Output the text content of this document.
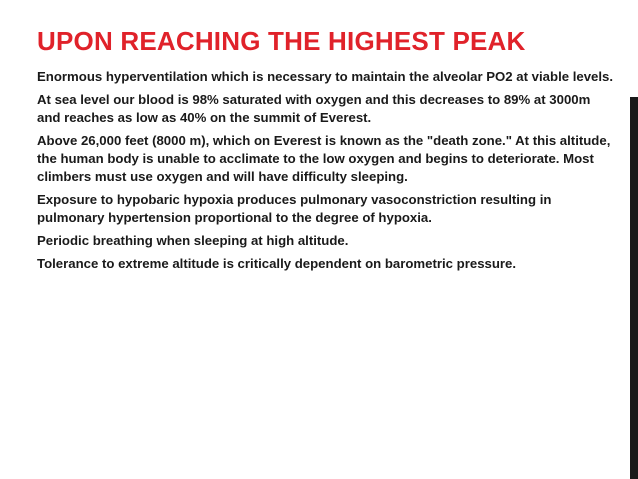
UPON REACHING THE HIGHEST PEAK
Enormous hyperventilation which is necessary to maintain the alveolar PO2 at viable levels.
At sea level our blood is 98% saturated with oxygen and this decreases to 89% at 3000m and reaches as low as 40% on the summit of Everest.
Above 26,000 feet (8000 m), which on Everest is known as the "death zone." At this altitude, the human body is unable to acclimate to the low oxygen and begins to deteriorate. Most climbers must use oxygen and will have difficulty sleeping.
Exposure to hypobaric hypoxia produces pulmonary vasoconstriction resulting in pulmonary hypertension proportional to the degree of hypoxia.
Periodic breathing when sleeping at high altitude.
Tolerance to extreme altitude is critically dependent on barometric pressure.
